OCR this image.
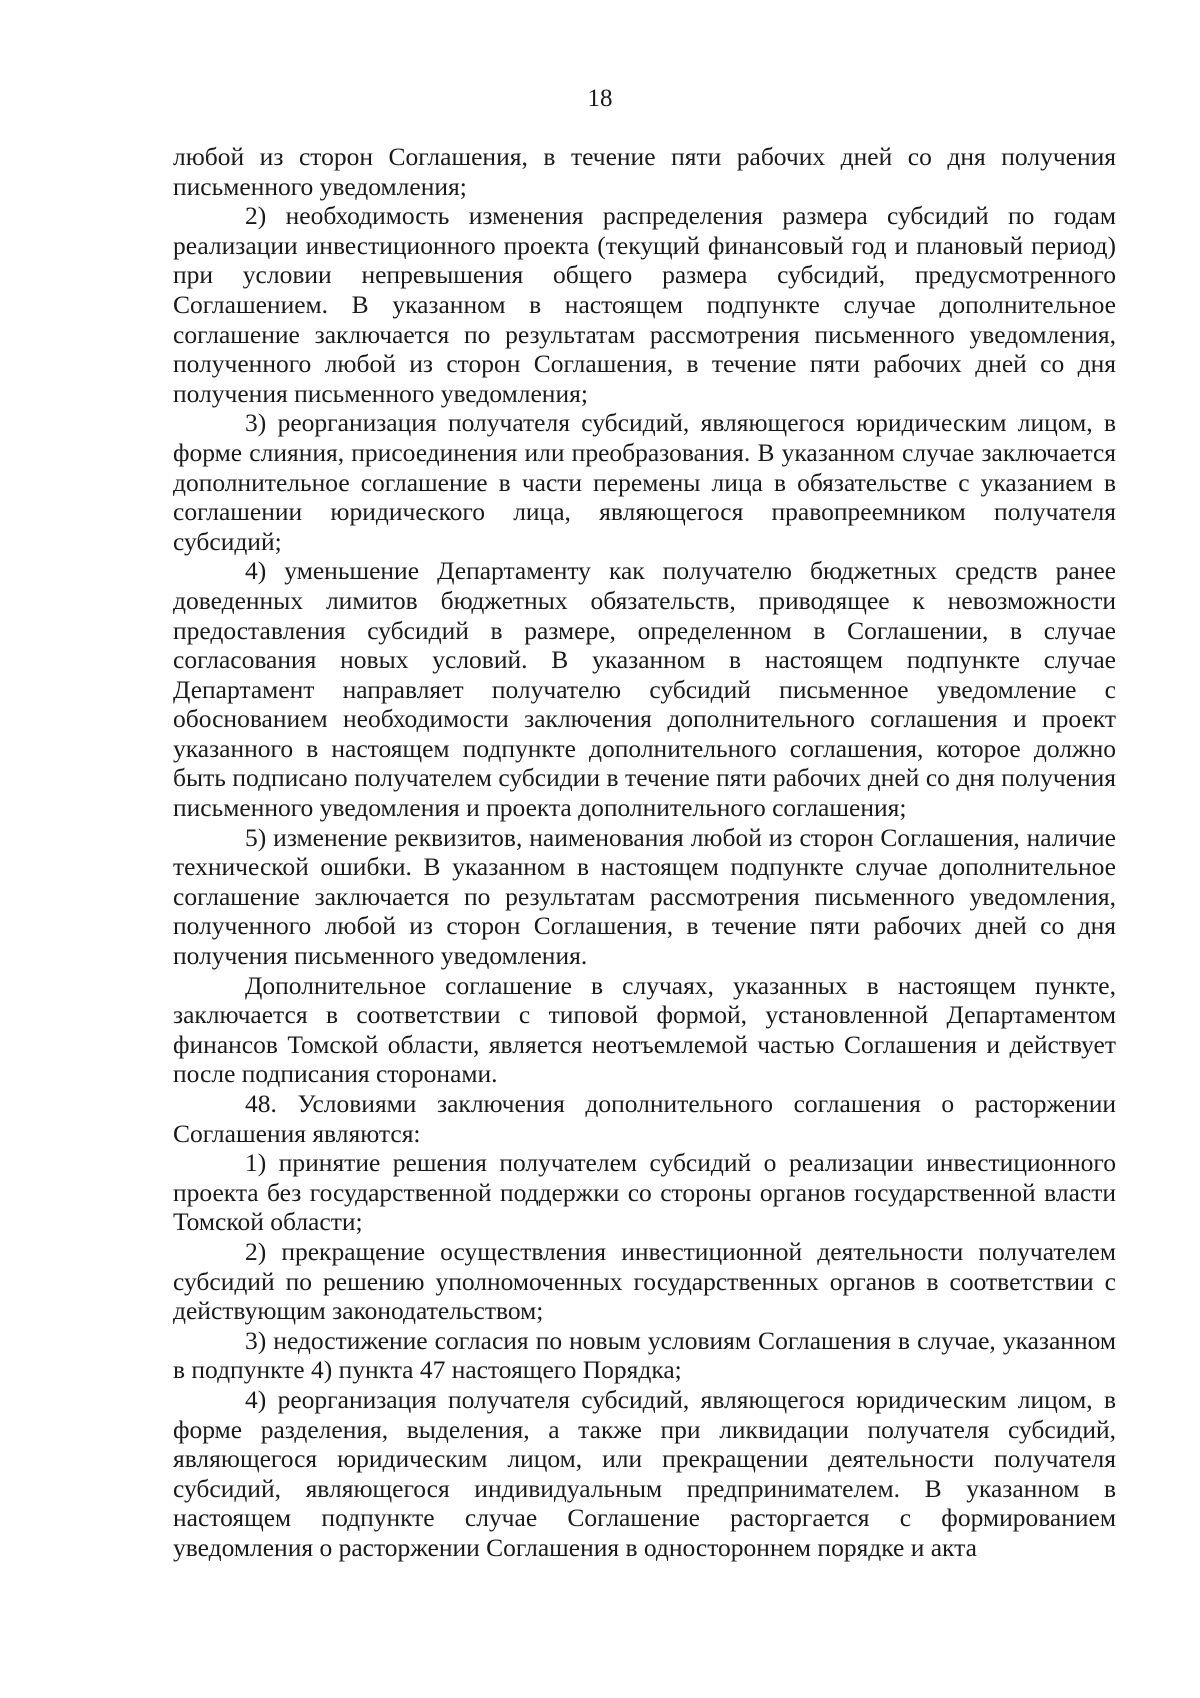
18

любой из сторон Соглашения, в течение пяти рабочих дней со дня получения письменного уведомления;

2) необходимость изменения распределения размера субсидий по годам реализации инвестиционного проекта (текущий финансовый год и плановый период) при условии непревышения общего размера субсидий, предусмотренного Соглашением. В указанном в настоящем подпункте случае дополнительное соглашение заключается по результатам рассмотрения письменного уведомления, полученного любой из сторон Соглашения, в течение пяти рабочих дней со дня получения письменного уведомления;

3) реорганизация получателя субсидий, являющегося юридическим лицом, в форме слияния, присоединения или преобразования. В указанном случае заключается дополнительное соглашение в части перемены лица в обязательстве с указанием в соглашении юридического лица, являющегося правопреемником получателя субсидий;

4) уменьшение Департаменту как получателю бюджетных средств ранее доведенных лимитов бюджетных обязательств, приводящее к невозможности предоставления субсидий в размере, определенном в Соглашении, в случае согласования новых условий. В указанном в настоящем подпункте случае Департамент направляет получателю субсидий письменное уведомление с обоснованием необходимости заключения дополнительного соглашения и проект указанного в настоящем подпункте дополнительного соглашения, которое должно быть подписано получателем субсидии в течение пяти рабочих дней со дня получения письменного уведомления и проекта дополнительного соглашения;

5) изменение реквизитов, наименования любой из сторон Соглашения, наличие технической ошибки. В указанном в настоящем подпункте случае дополнительное соглашение заключается по результатам рассмотрения письменного уведомления, полученного любой из сторон Соглашения, в течение пяти рабочих дней со дня получения письменного уведомления.

Дополнительное соглашение в случаях, указанных в настоящем пункте, заключается в соответствии с типовой формой, установленной Департаментом финансов Томской области, является неотъемлемой частью Соглашения и действует после подписания сторонами.

48. Условиями заключения дополнительного соглашения о расторжении Соглашения являются:

1) принятие решения получателем субсидий о реализации инвестиционного проекта без государственной поддержки со стороны органов государственной власти Томской области;

2) прекращение осуществления инвестиционной деятельности получателем субсидий по решению уполномоченных государственных органов в соответствии с действующим законодательством;

3) недостижение согласия по новым условиям Соглашения в случае, указанном в подпункте 4) пункта 47 настоящего Порядка;

4) реорганизация получателя субсидий, являющегося юридическим лицом, в форме разделения, выделения, а также при ликвидации получателя субсидий, являющегося юридическим лицом, или прекращении деятельности получателя субсидий, являющегося индивидуальным предпринимателем. В указанном в настоящем подпункте случае Соглашение расторгается с формированием уведомления о расторжении Соглашения в одностороннем порядке и акта
